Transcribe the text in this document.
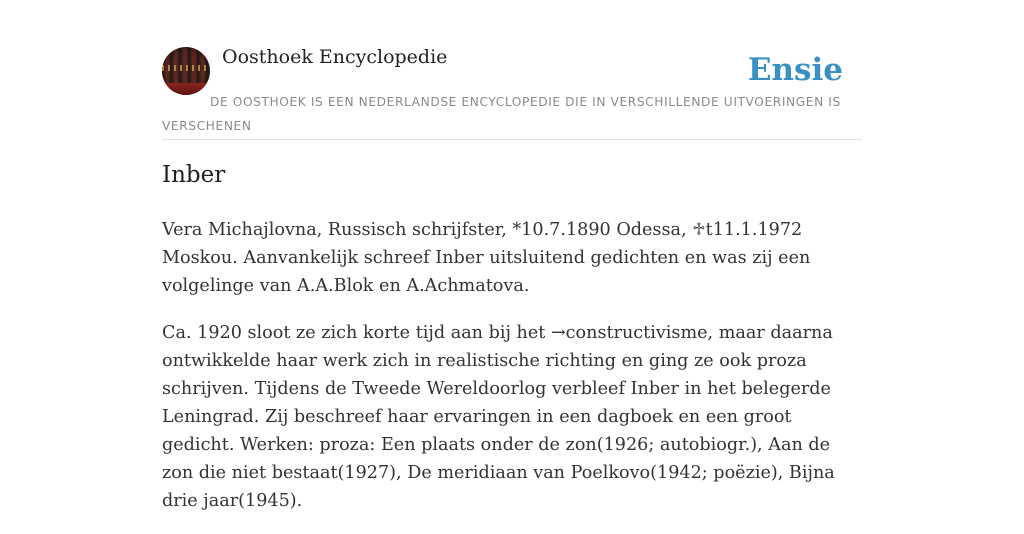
Oosthoek Encyclopedie	Ensie
DE OOSTHOEK IS EEN NEDERLANDSE ENCYCLOPEDIE DIE IN VERSCHILLENDE UITVOERINGEN IS VERSCHENEN
Inber

Vera Michajlovna, Russisch schrijfster, *10.7.1890 Odessa, ♱t11.1.1972 Moskou. Aanvankelijk schreef Inber uitsluitend gedichten en was zij een volgelinge van A.A.Blok en A.Achmatova.

Ca. 1920 sloot ze zich korte tijd aan bij het →constructivisme, maar daarna ontwikkelde haar werk zich in realistische richting en ging ze ook proza schrijven. Tijdens de Tweede Wereldoorlog verbleef Inber in het belegerde Leningrad. Zij beschreef haar ervaringen in een dagboek en een groot gedicht. Werken: proza: Een plaats onder de zon(1926; autobiogr.), Aan de zon die niet bestaat(1927), De meridiaan van Poelkovo(1942; poëzie), Bijna drie jaar(1945).
